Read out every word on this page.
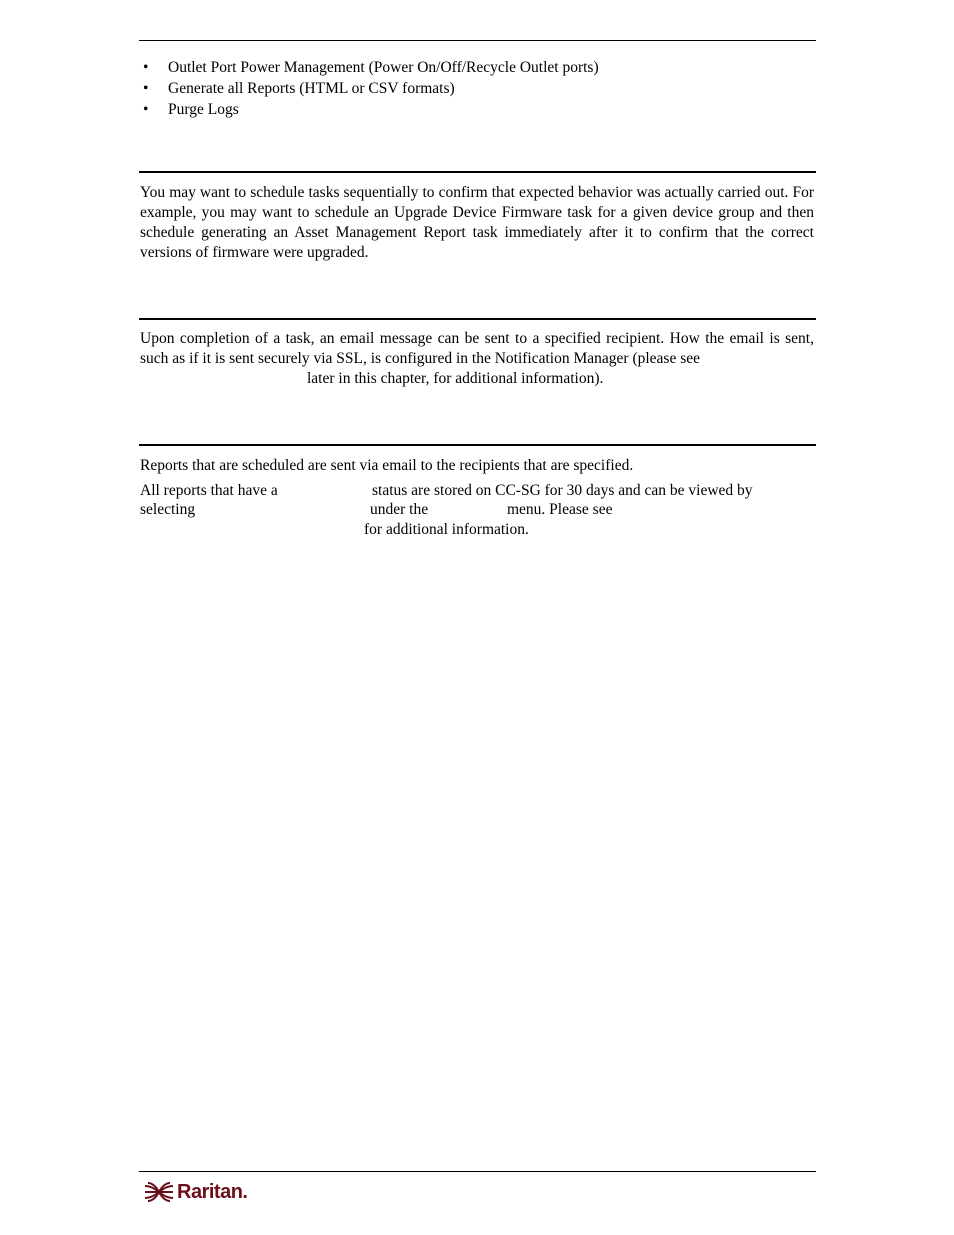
• Outlet Port Power Management (Power On/Off/Recycle Outlet ports)
• Generate all Reports (HTML or CSV formats)
• Purge Logs

You may want to schedule tasks sequentially to confirm that expected behavior was actually carried out. For example, you may want to schedule an Upgrade Device Firmware task for a given device group and then schedule generating an Asset Management Report task immediately after it to confirm that the correct versions of firmware were upgraded.

Upon completion of a task, an email message can be sent to a specified recipient. How the email is sent, such as if it is sent securely via SSL, is configured in the Notification Manager (please see

later in this chapter, for additional information).

Reports that are scheduled are sent via email to the recipients that are specified.

All reports that have a	status are stored on CC-SG for 30 days and can be viewed by
selecting	under the	menu. Please see
for additional information.
Raritan.
